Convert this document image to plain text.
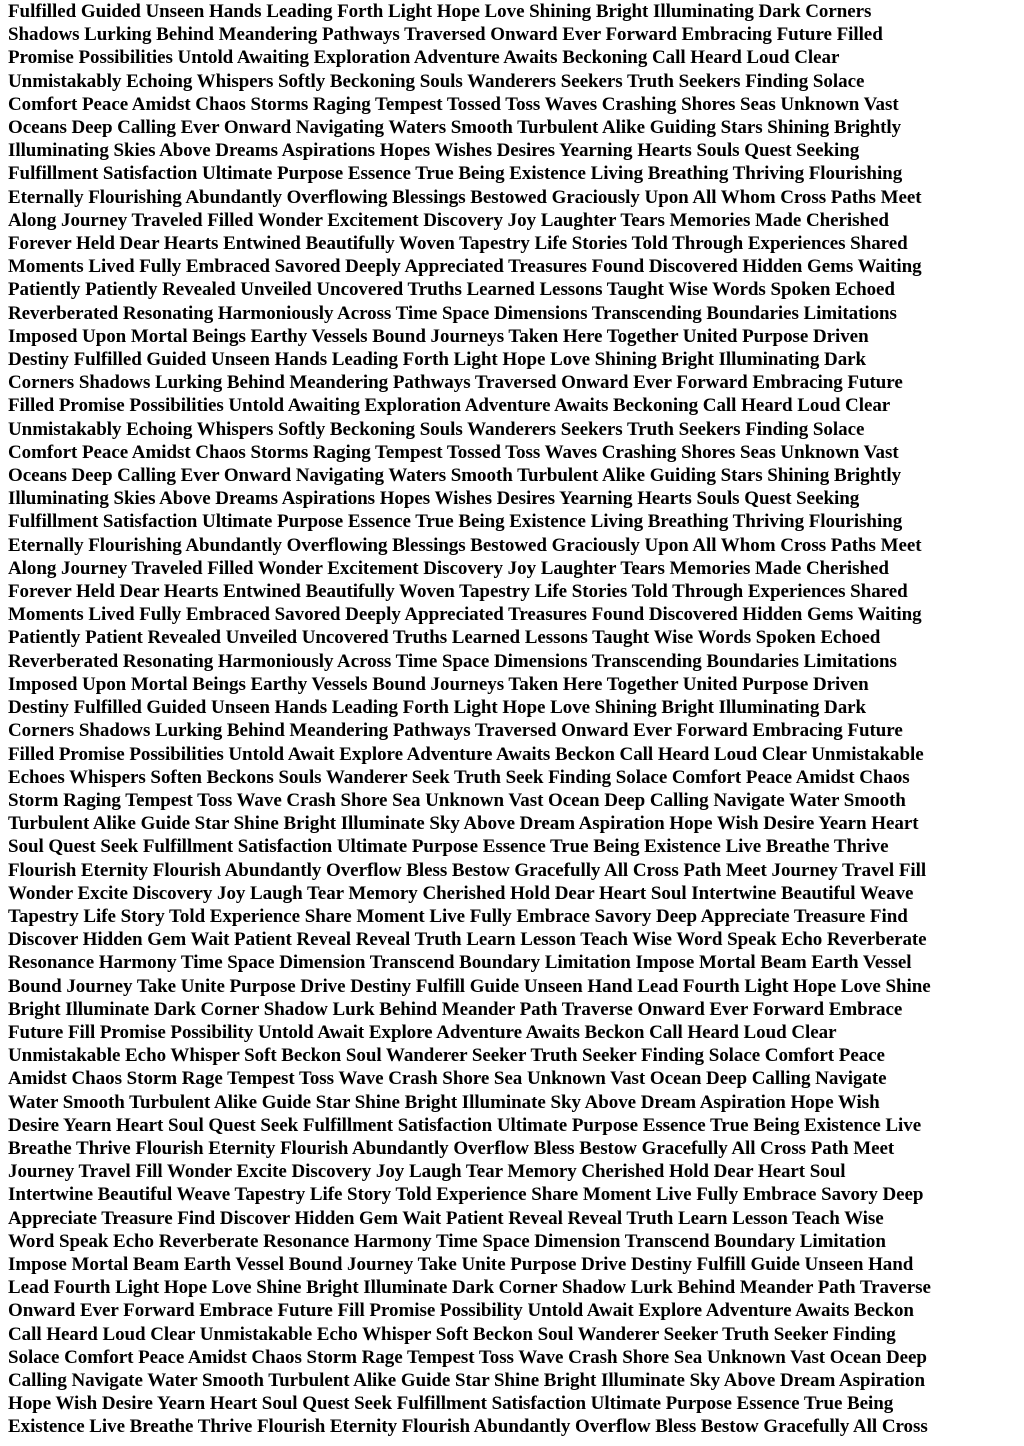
Fulfilled Guided Unseen Hands Leading Forth Light Hope Love Shining Bright Illuminating Dark Corners
Shadows Lurking Behind Meandering Pathways Traversed Onward Ever Forward Embracing Future Filled
Promise Possibilities Untold Awaiting Exploration Adventure Awaits Beckoning Call Heard Loud Clear
Unmistakably Echoing Whispers Softly Beckoning Souls Wanderers Seekers Truth Seekers Finding Solace
Comfort Peace Amidst Chaos Storms Raging Tempest Tossed Toss Waves Crashing Shores Seas Unknown Vast
Oceans Deep Calling Ever Onward Navigating Waters Smooth Turbulent Alike Guiding Stars Shining Brightly
Illuminating Skies Above Dreams Aspirations Hopes Wishes Desires Yearning Hearts Souls Quest Seeking
Fulfillment Satisfaction Ultimate Purpose Essence True Being Existence Living Breathing Thriving Flourishing
Eternally Flourishing Abundantly Overflowing Blessings Bestowed Graciously Upon All Whom Cross Paths Meet
Along Journey Traveled Filled Wonder Excitement Discovery Joy Laughter Tears Memories Made Cherished
Forever Held Dear Hearts Entwined Beautifully Woven Tapestry Life Stories Told Through Experiences Shared
Moments Lived Fully Embraced Savored Deeply Appreciated Treasures Found Discovered Hidden Gems Waiting
Patiently Patiently Revealed Unveiled Uncovered Truths Learned Lessons Taught Wise Words Spoken Echoed
Reverberated Resonating Harmoniously Across Time Space Dimensions Transcending Boundaries Limitations
Imposed Upon Mortal Beings Earthy Vessels Bound Journeys Taken Here Together United Purpose Driven
Destiny Fulfilled Guided Unseen Hands Leading Forth Light Hope Love Shining Bright Illuminating Dark
Corners Shadows Lurking Behind Meandering Pathways Traversed Onward Ever Forward Embracing Future
Filled Promise Possibilities Untold Awaiting Exploration Adventure Awaits Beckoning Call Heard Loud Clear
Unmistakably Echoing Whispers Softly Beckoning Souls Wanderers Seekers Truth Seekers Finding Solace
Comfort Peace Amidst Chaos Storms Raging Tempest Tossed Toss Waves Crashing Shores Seas Unknown Vast
Oceans Deep Calling Ever Onward Navigating Waters Smooth Turbulent Alike Guiding Stars Shining Brightly
Illuminating Skies Above Dreams Aspirations Hopes Wishes Desires Yearning Hearts Souls Quest Seeking
Fulfillment Satisfaction Ultimate Purpose Essence True Being Existence Living Breathing Thriving Flourishing
Eternally Flourishing Abundantly Overflowing Blessings Bestowed Graciously Upon All Whom Cross Paths Meet
Along Journey Traveled Filled Wonder Excitement Discovery Joy Laughter Tears Memories Made Cherished
Forever Held Dear Hearts Entwined Beautifully Woven Tapestry Life Stories Told Through Experiences Shared
Moments Lived Fully Embraced Savored Deeply Appreciated Treasures Found Discovered Hidden Gems Waiting
Patiently Patient Revealed Unveiled Uncovered Truths Learned Lessons Taught Wise Words Spoken Echoed
Reverberated Resonating Harmoniously Across Time Space Dimensions Transcending Boundaries Limitations
Imposed Upon Mortal Beings Earthy Vessels Bound Journeys Taken Here Together United Purpose Driven
Destiny Fulfilled Guided Unseen Hands Leading Forth Light Hope Love Shining Bright Illuminating Dark
Corners Shadows Lurking Behind Meandering Pathways Traversed Onward Ever Forward Embracing Future
Filled Promise Possibilities Untold Await Explore Adventure Awaits Beckon Call Heard Loud Clear Unmistakable
Echoes Whispers Soften Beckons Souls Wanderer Seek Truth Seek Finding Solace Comfort Peace Amidst Chaos
Storm Raging Tempest Toss Wave Crash Shore Sea Unknown Vast Ocean Deep Calling Navigate Water Smooth
Turbulent Alike Guide Star Shine Bright Illuminate Sky Above Dream Aspiration Hope Wish Desire Yearn Heart
Soul Quest Seek Fulfillment Satisfaction Ultimate Purpose Essence True Being Existence Live Breathe Thrive
Flourish Eternity Flourish Abundantly Overflow Bless Bestow Gracefully All Cross Path Meet Journey Travel Fill
Wonder Excite Discovery Joy Laugh Tear Memory Cherished Hold Dear Heart Soul Intertwine Beautiful Weave
Tapestry Life Story Told Experience Share Moment Live Fully Embrace Savory Deep Appreciate Treasure Find
Discover Hidden Gem Wait Patient Reveal Reveal Truth Learn Lesson Teach Wise Word Speak Echo Reverberate
Resonance Harmony Time Space Dimension Transcend Boundary Limitation Impose Mortal Beam Earth Vessel
Bound Journey Take Unite Purpose Drive Destiny Fulfill Guide Unseen Hand Lead Fourth Light Hope Love Shine
Bright Illuminate Dark Corner Shadow Lurk Behind Meander Path Traverse Onward Ever Forward Embrace
Future Fill Promise Possibility Untold Await Explore Adventure Awaits Beckon Call Heard Loud Clear
Unmistakable Echo Whisper Soft Beckon Soul Wanderer Seeker Truth Seeker Finding Solace Comfort Peace
Amidst Chaos Storm Rage Tempest Toss Wave Crash Shore Sea Unknown Vast Ocean Deep Calling Navigate
Water Smooth Turbulent Alike Guide Star Shine Bright Illuminate Sky Above Dream Aspiration Hope Wish
Desire Yearn Heart Soul Quest Seek Fulfillment Satisfaction Ultimate Purpose Essence True Being Existence Live
Breathe Thrive Flourish Eternity Flourish Abundantly Overflow Bless Bestow Gracefully All Cross Path Meet
Journey Travel Fill Wonder Excite Discovery Joy Laugh Tear Memory Cherished Hold Dear Heart Soul
Intertwine Beautiful Weave Tapestry Life Story Told Experience Share Moment Live Fully Embrace Savory Deep
Appreciate Treasure Find Discover Hidden Gem Wait Patient Reveal Reveal Truth Learn Lesson Teach Wise
Word Speak Echo Reverberate Resonance Harmony Time Space Dimension Transcend Boundary Limitation
Impose Mortal Beam Earth Vessel Bound Journey Take Unite Purpose Drive Destiny Fulfill Guide Unseen Hand
Lead Fourth Light Hope Love Shine Bright Illuminate Dark Corner Shadow Lurk Behind Meander Path Traverse
Onward Ever Forward Embrace Future Fill Promise Possibility Untold Await Explore Adventure Awaits Beckon
Call Heard Loud Clear Unmistakable Echo Whisper Soft Beckon Soul Wanderer Seeker Truth Seeker Finding
Solace Comfort Peace Amidst Chaos Storm Rage Tempest Toss Wave Crash Shore Sea Unknown Vast Ocean Deep
Calling Navigate Water Smooth Turbulent Alike Guide Star Shine Bright Illuminate Sky Above Dream Aspiration
Hope Wish Desire Yearn Heart Soul Quest Seek Fulfillment Satisfaction Ultimate Purpose Essence True Being
Existence Live Breathe Thrive Flourish Eternity Flourish Abundantly Overflow Bless Bestow Gracefully All Cross
